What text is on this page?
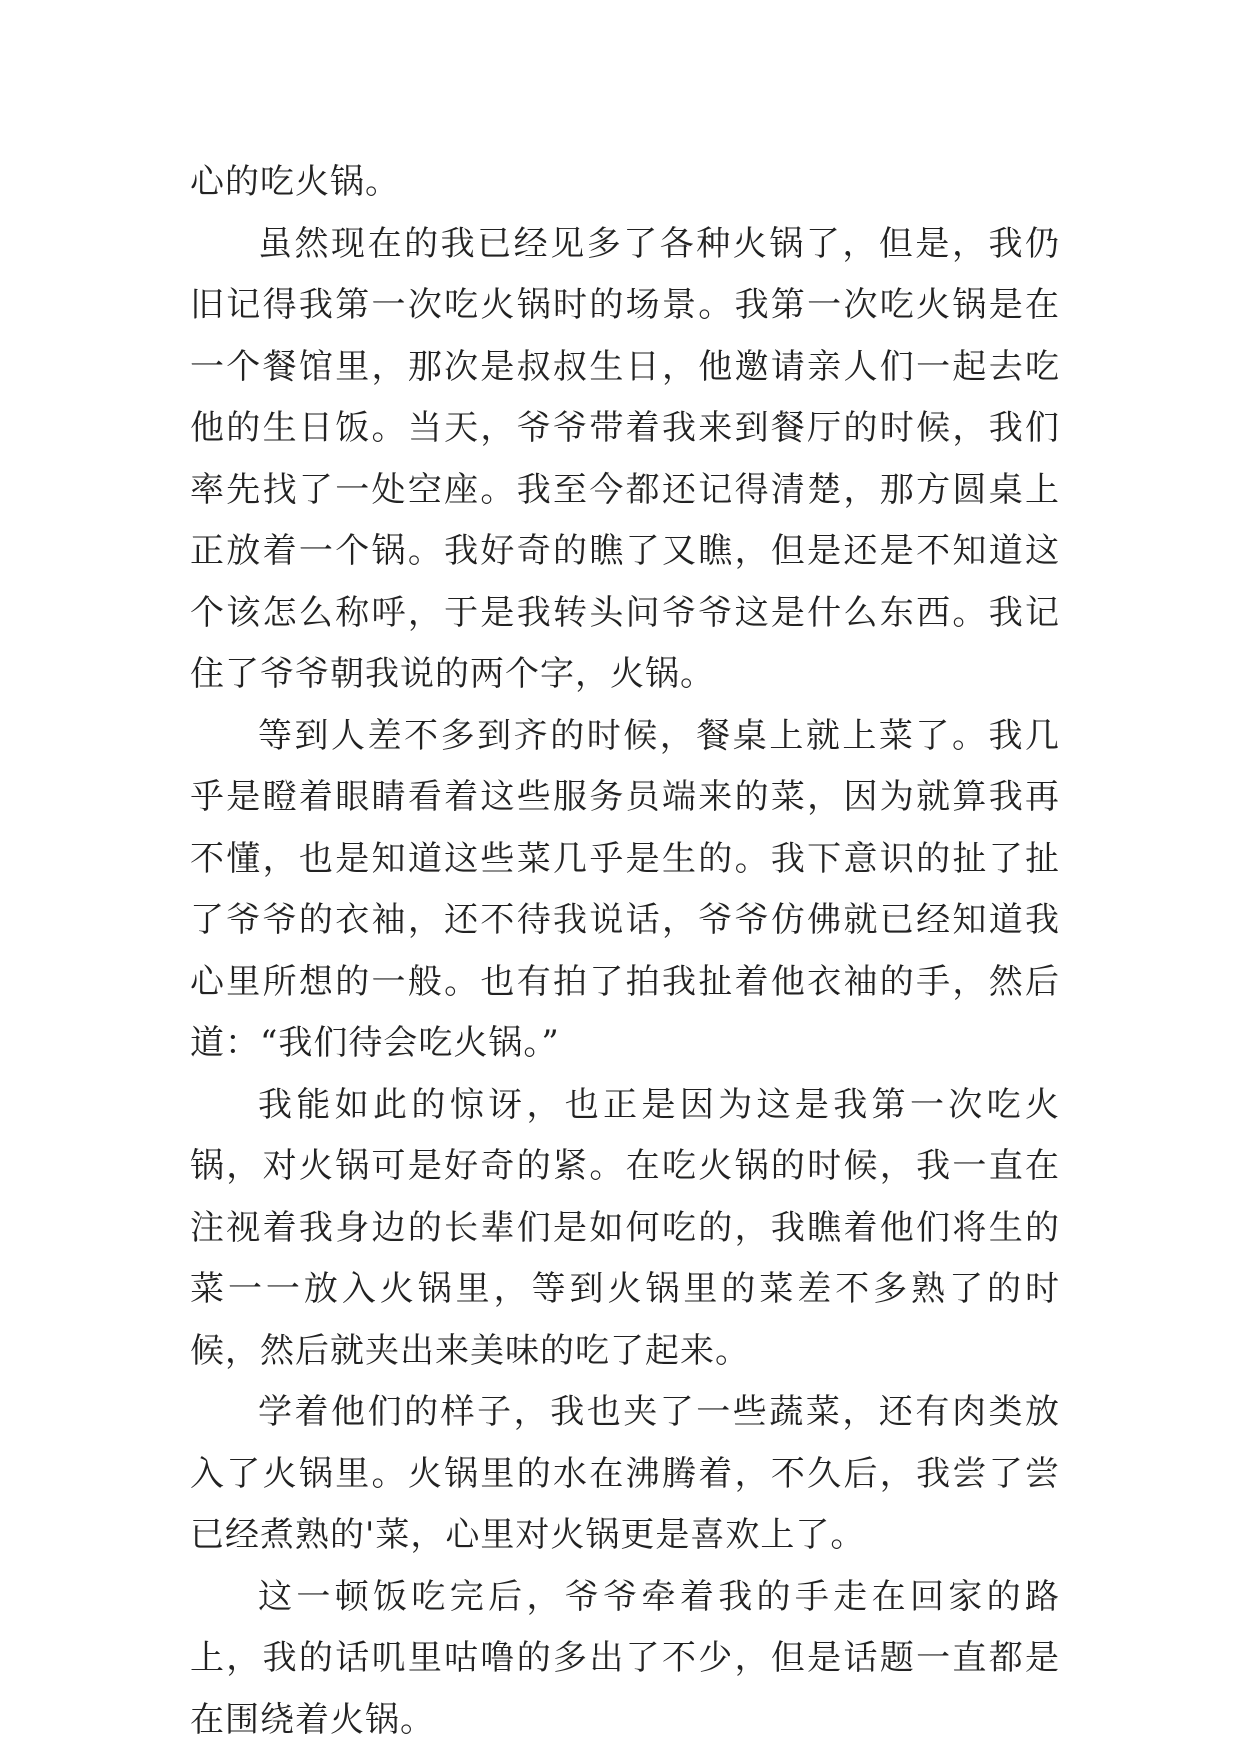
心的吃火锅。

虽然现在的我已经见多了各种火锅了，但是，我仍旧记得我第一次吃火锅时的场景。我第一次吃火锅是在一个餐馆里，那次是叔叔生日，他邀请亲人们一起去吃他的生日饭。当天，爷爷带着我来到餐厅的时候，我们率先找了一处空座。我至今都还记得清楚，那方圆桌上正放着一个锅。我好奇的瞧了又瞧，但是还是不知道这个该怎么称呼，于是我转头问爷爷这是什么东西。我记住了爷爷朝我说的两个字，火锅。

等到人差不多到齐的时候，餐桌上就上菜了。我几乎是瞪着眼睛看着这些服务员端来的菜，因为就算我再不懂，也是知道这些菜几乎是生的。我下意识的扯了扯了爷爷的衣袖，还不待我说话，爷爷仿佛就已经知道我心里所想的一般。也有拍了拍我扯着他衣袖的手，然后道：“我们待会吃火锅。”

我能如此的惊讶，也正是因为这是我第一次吃火锅，对火锅可是好奇的紧。在吃火锅的时候，我一直在注视着我身边的长辈们是如何吃的，我瞧着他们将生的菜一一放入火锅里，等到火锅里的菜差不多熟了的时候，然后就夹出来美味的吃了起来。

学着他们的样子，我也夹了一些蔬菜，还有肉类放入了火锅里。火锅里的水在沸腾着，不久后，我尝了尝已经煮熟的'菜，心里对火锅更是喜欢上了。

这一顿饭吃完后，爷爷牵着我的手走在回家的路上，我的话叽里咕噜的多出了不少，但是话题一直都是在围绕着火锅。
